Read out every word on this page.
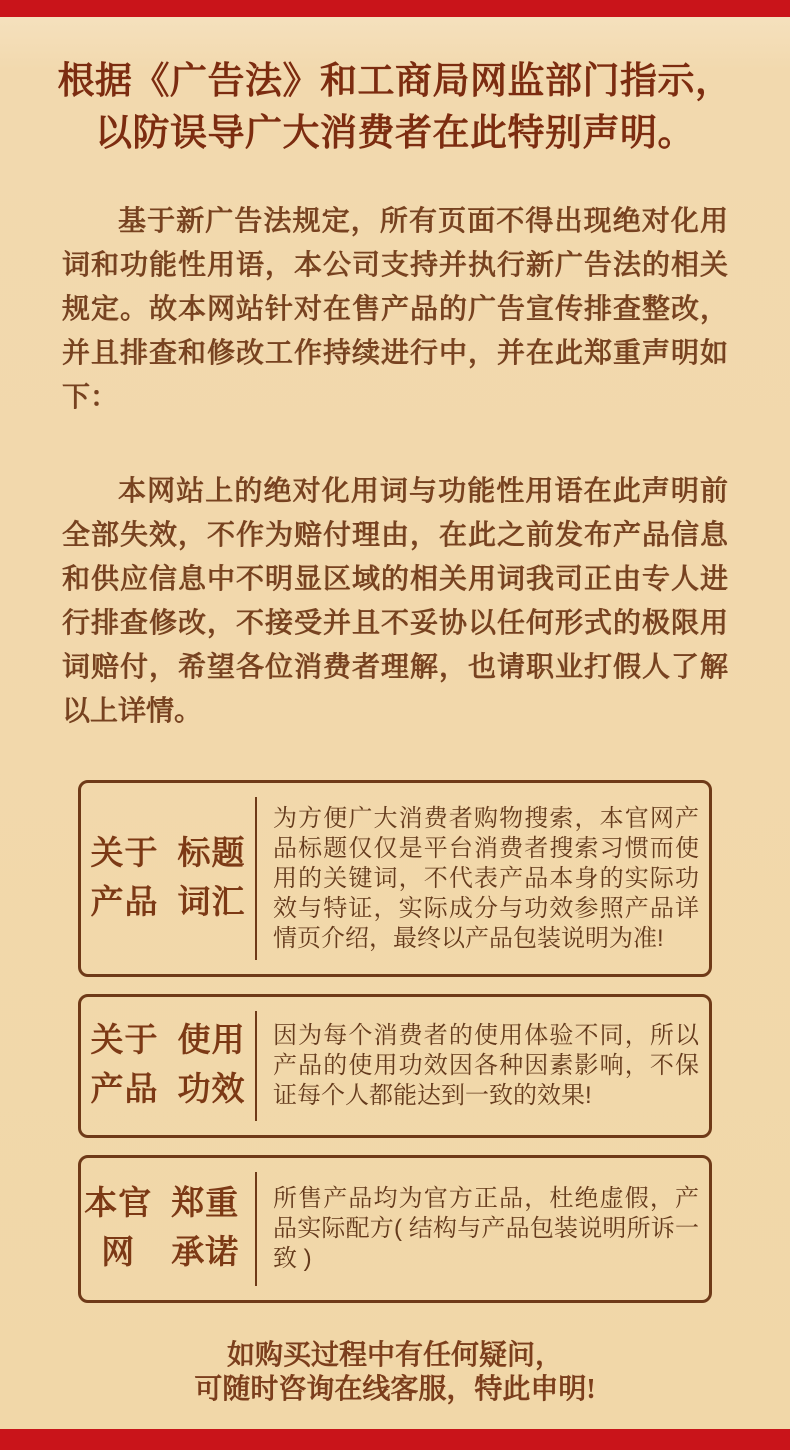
根据《广告法》和工商局网监部门指示，
以防误导广大消费者在此特别声明。

基于新广告法规定，所有页面不得出现绝对化用词和功能性用语，本公司支持并执行新广告法的相关规定。故本网站针对在售产品的广告宣传排查整改，并且排查和修改工作持续进行中，并在此郑重声明如下：

本网站上的绝对化用词与功能性用语在此声明前全部失效，不作为赔付理由，在此之前发布产品信息和供应信息中不明显区域的相关用词我司正由专人进行排查修改，不接受并且不妥协以任何形式的极限用词赔付，希望各位消费者理解，也请职业打假人了解以上详情。

关于产品

标题词汇
为方便广大消费者购物搜索，本官网产品标题仅仅是平台消费者搜索习惯而使用的关键词，不代表产品本身的实际功效与特证，实际成分与功效参照产品详情页介绍，最终以产品包装说明为准!
关于产品

使用功效
因为每个消费者的使用体验不同，所以产品的使用功效因各种因素影响，不保证每个人都能达到一致的效果!
本官网

郑重承诺
所售产品均为官方正品，杜绝虚假，产品实际配方( 结构与产品包装说明所诉一致 )

如购买过程中有任何疑问，
可随时咨询在线客服，特此申明!
